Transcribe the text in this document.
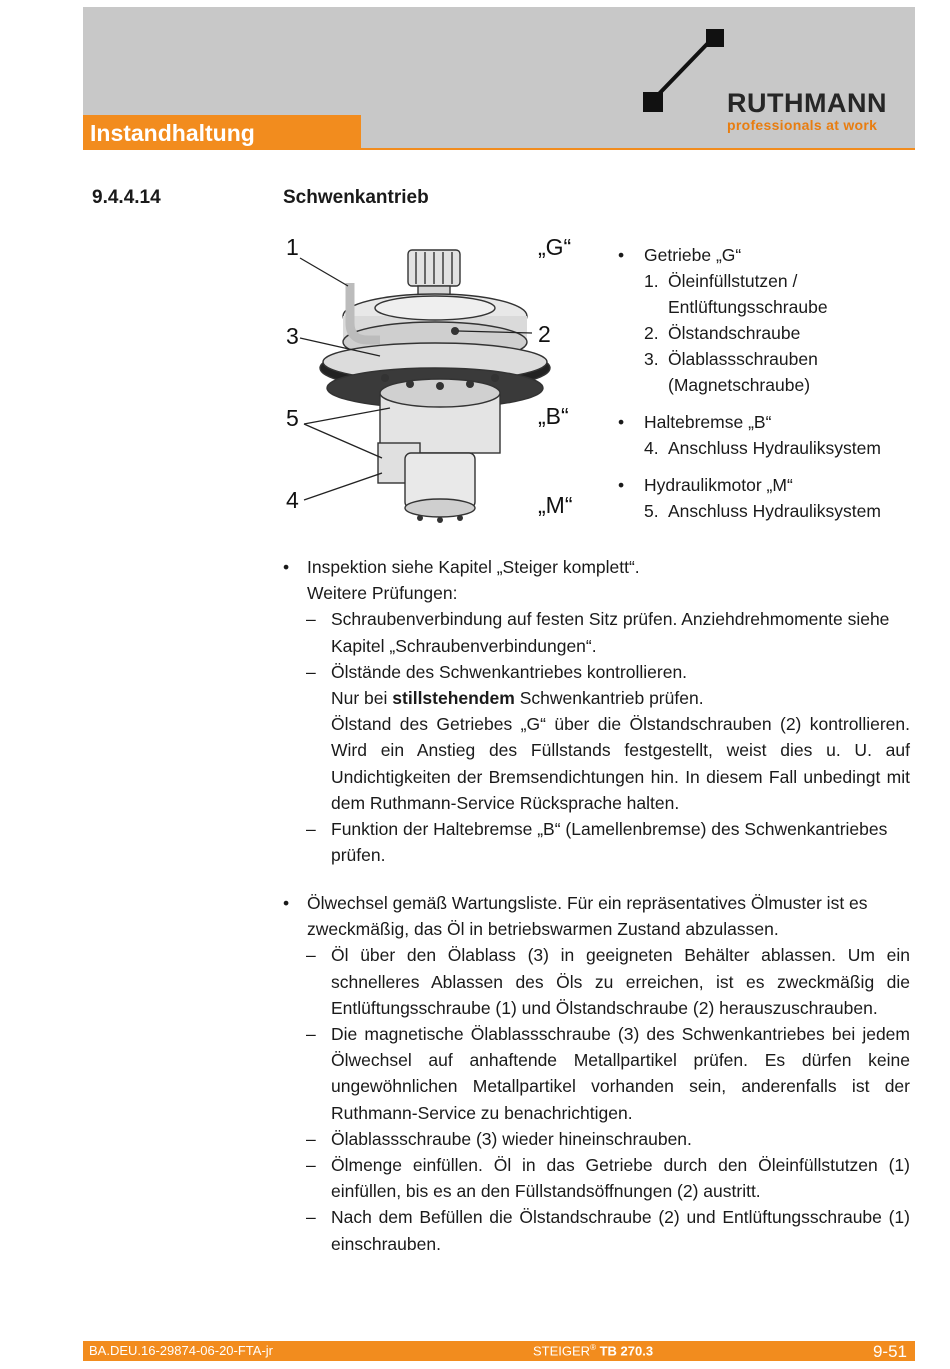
Instandhaltung
RUTHMANN
professionals at work
9.4.4.14	Schwenkantrieb
1	„G“
3	2
5	„B“
4	„M“
• Getriebe „G“
1. Öleinfüllstutzen / Entlüftungsschraube
2. Ölstandschraube
3. Ölablassschrauben (Magnetschraube)
• Haltebremse „B“
4. Anschluss Hydrauliksystem
• Hydraulikmotor „M“
5. Anschluss Hydrauliksystem
• Inspektion siehe Kapitel „Steiger komplett“.
Weitere Prüfungen:
– Schraubenverbindung auf festen Sitz prüfen. Anziehdrehmomente siehe Kapitel „Schraubenverbindungen“.
– Ölstände des Schwenkantriebes kontrollieren.
Nur bei stillstehendem Schwenkantrieb prüfen.
Ölstand des Getriebes „G“ über die Ölstandschrauben (2) kontrollieren. Wird ein Anstieg des Füllstands festgestellt, weist dies u. U. auf Undichtigkeiten der Bremsendichtungen hin. In diesem Fall unbedingt mit dem Ruthmann-Service Rücksprache halten.
– Funktion der Haltebremse „B“ (Lamellenbremse) des Schwenkantriebes prüfen.
• Ölwechsel gemäß Wartungsliste. Für ein repräsentatives Ölmuster ist es zweckmäßig, das Öl in betriebswarmen Zustand abzulassen.
– Öl über den Ölablass (3) in geeigneten Behälter ablassen. Um ein schnelleres Ablassen des Öls zu erreichen, ist es zweckmäßig die Entlüftungsschraube (1) und Ölstandschraube (2) herauszuschrauben.
– Die magnetische Ölablassschraube (3) des Schwenkantriebes bei jedem Ölwechsel auf anhaftende Metallpartikel prüfen. Es dürfen keine ungewöhnlichen Metallpartikel vorhanden sein, anderenfalls ist der Ruthmann-Service zu benachrichtigen.
– Ölablassschraube (3) wieder hineinschrauben.
– Ölmenge einfüllen. Öl in das Getriebe durch den Öleinfüllstutzen (1) einfüllen, bis es an den Füllstandsöffnungen (2) austritt.
– Nach dem Befüllen die Ölstandschraube (2) und Entlüftungsschraube (1) einschrauben.
BA.DEU.16-29874-06-20-FTA-jr	STEIGER® TB 270.3	9-51
